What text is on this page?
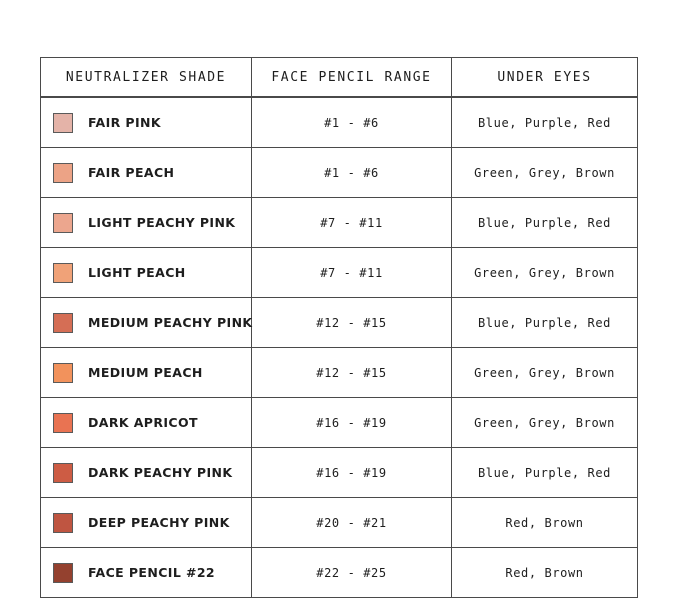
NEUTRALIZER SHADE	FACE PENCIL RANGE	UNDER EYES

FAIR PINK	#1 - #6	Blue, Purple, Red

FAIR PEACH	#1 - #6	Green, Grey, Brown

LIGHT PEACHY PINK	#7 - #11	Blue, Purple, Red

LIGHT PEACH	#7 - #11	Green, Grey, Brown

MEDIUM PEACHY PINK	#12 - #15	Blue, Purple, Red

MEDIUM PEACH	#12 - #15	Green, Grey, Brown

DARK APRICOT	#16 - #19	Green, Grey, Brown

DARK PEACHY PINK	#16 - #19	Blue, Purple, Red

DEEP PEACHY PINK	#20 - #21	Red, Brown

FACE PENCIL #22	#22 - #25	Red, Brown
